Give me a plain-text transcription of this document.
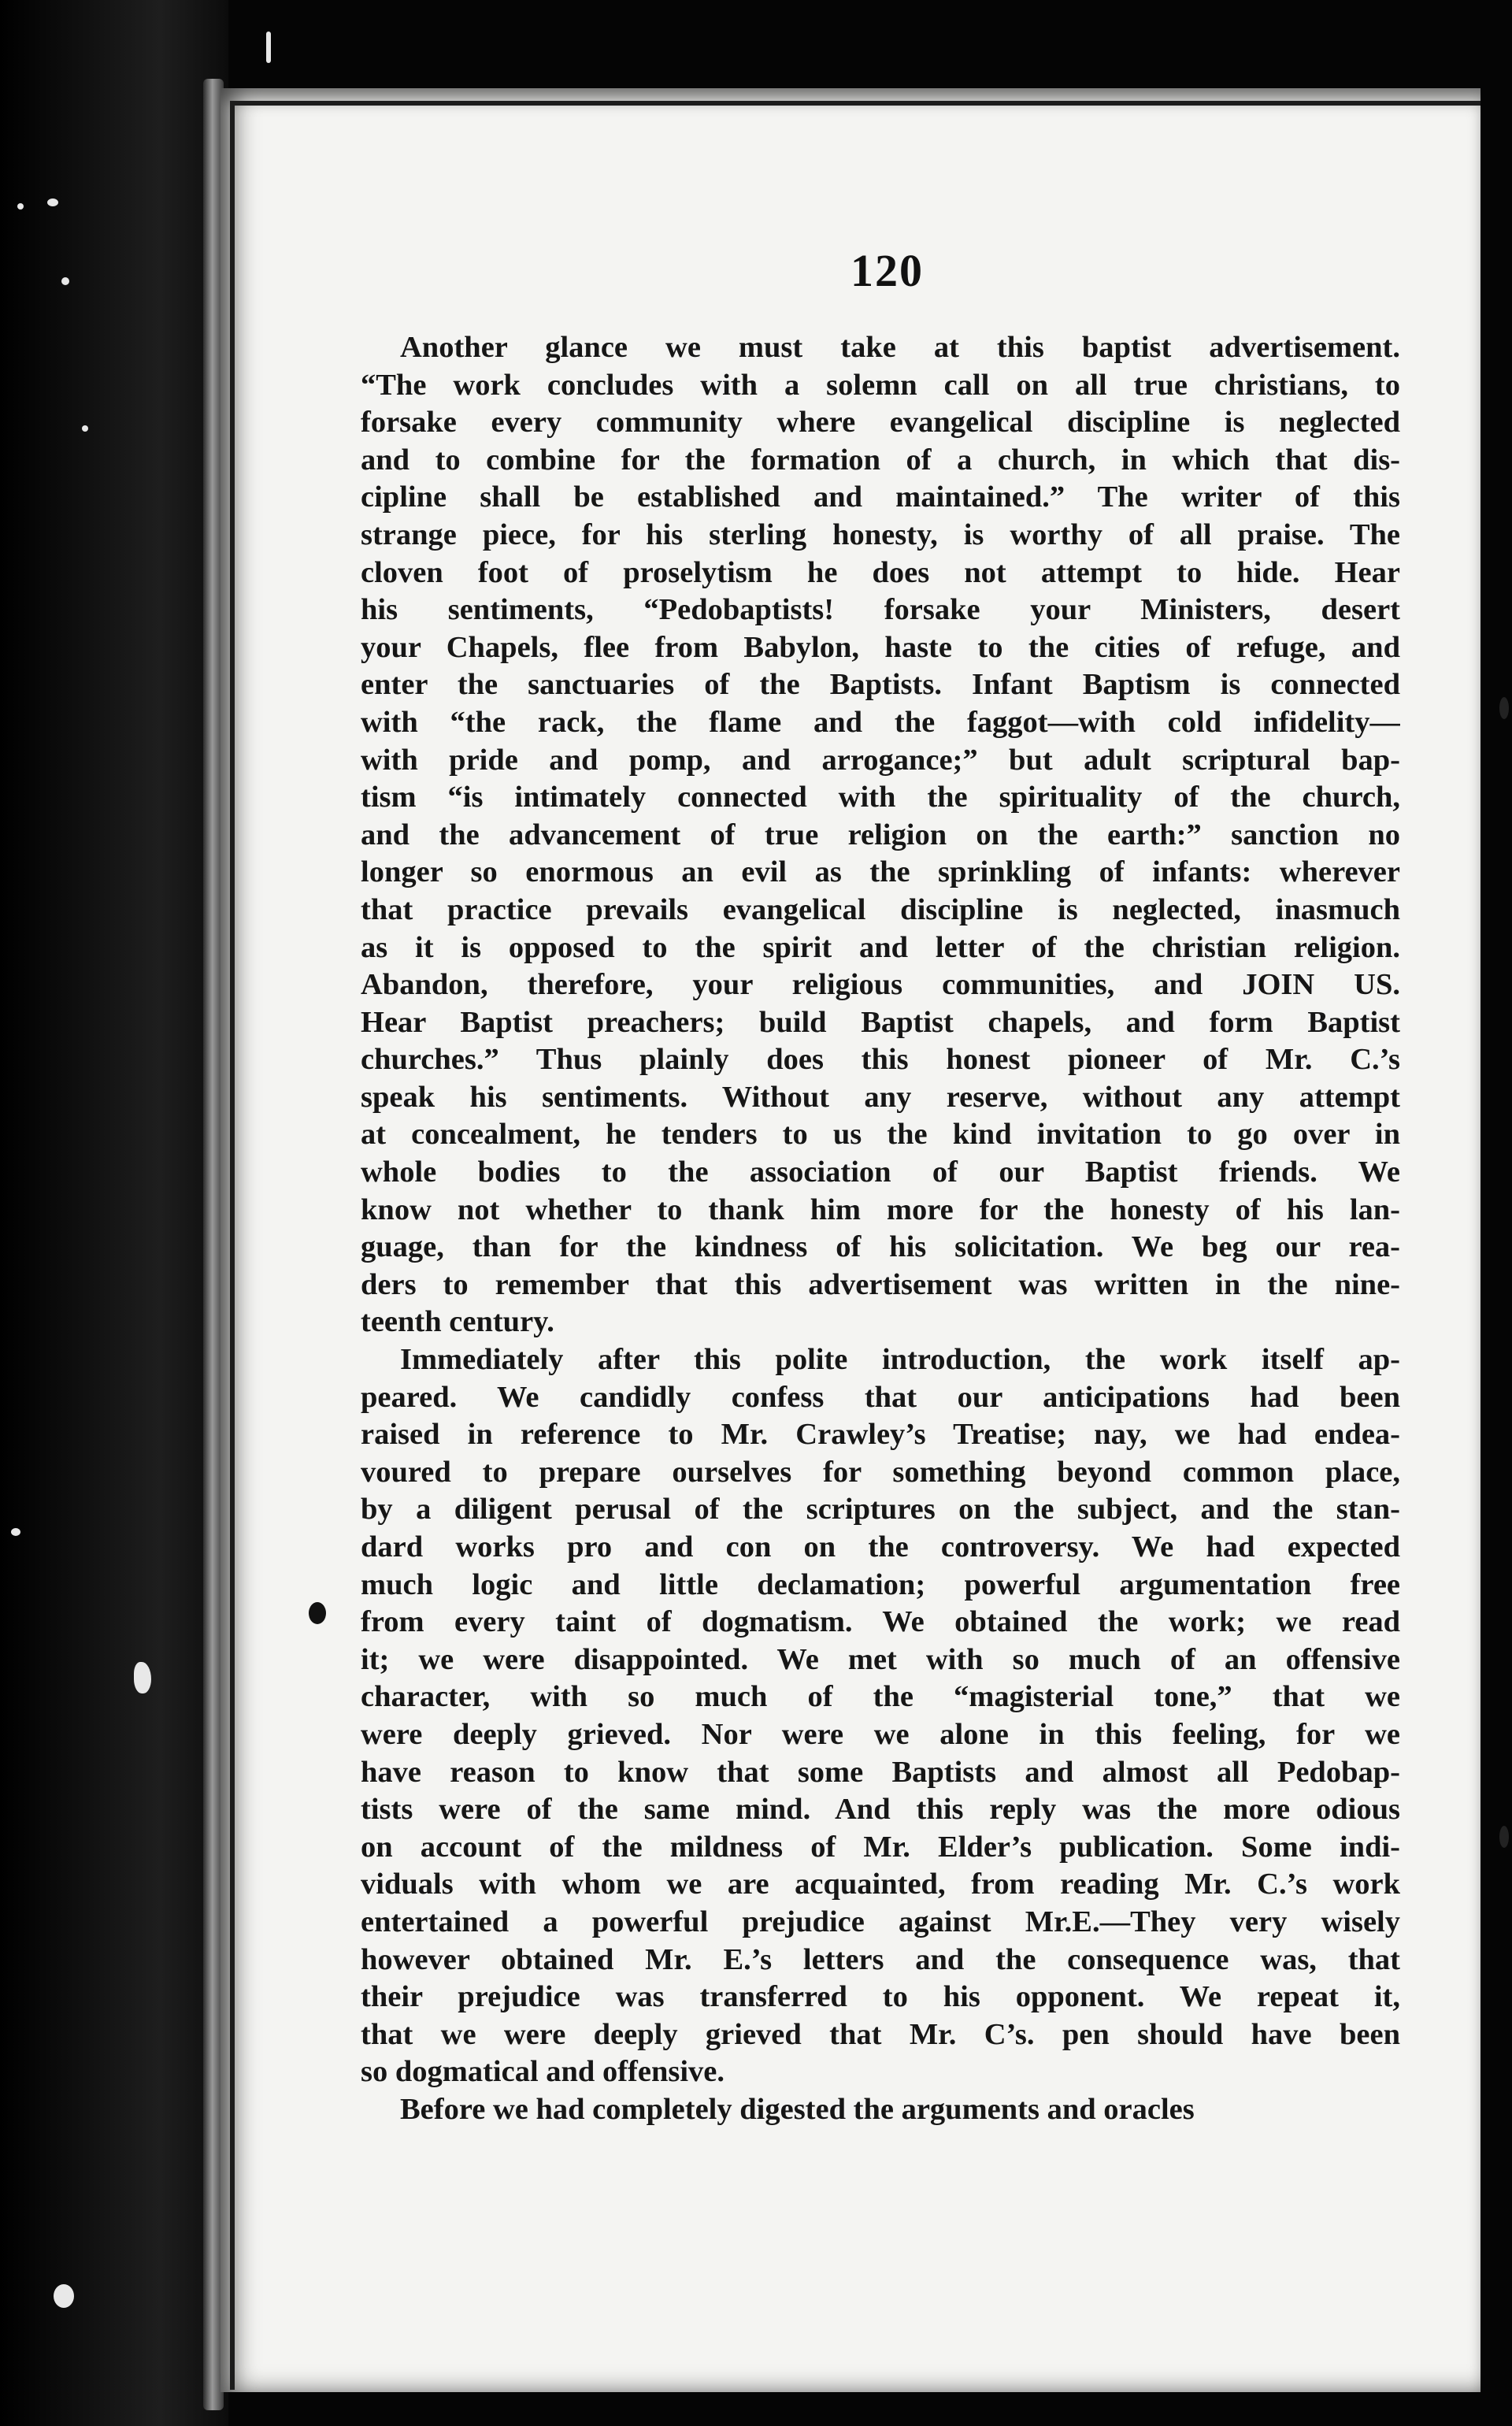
120
Another glance we must take at this baptist advertisement.
“The work concludes with a solemn call on all true christians, to
forsake every community where evangelical discipline is neglected
and to combine for the formation of a church, in which that dis-
cipline shall be established and maintained.” The writer of this
strange piece, for his sterling honesty, is worthy of all praise. The
cloven foot of proselytism he does not attempt to hide. Hear
his sentiments, “Pedobaptists! forsake your Ministers, desert
your Chapels, flee from Babylon, haste to the cities of refuge, and
enter the sanctuaries of the Baptists. Infant Baptism is connected
with “the rack, the flame and the faggot—with cold infidelity—
with pride and pomp, and arrogance;” but adult scriptural bap-
tism “is intimately connected with the spirituality of the church,
and the advancement of true religion on the earth:” sanction no
longer so enormous an evil as the sprinkling of infants: wherever
that practice prevails evangelical discipline is neglected, inasmuch
as it is opposed to the spirit and letter of the christian religion.
Abandon, therefore, your religious communities, and JOIN US.
Hear Baptist preachers; build Baptist chapels, and form Baptist
churches.” Thus plainly does this honest pioneer of Mr. C.’s
speak his sentiments. Without any reserve, without any attempt
at concealment, he tenders to us the kind invitation to go over in
whole bodies to the association of our Baptist friends. We
know not whether to thank him more for the honesty of his lan-
guage, than for the kindness of his solicitation. We beg our rea-
ders to remember that this advertisement was written in the nine-
teenth century.
Immediately after this polite introduction, the work itself ap-
peared. We candidly confess that our anticipations had been
raised in reference to Mr. Crawley’s Treatise; nay, we had endea-
voured to prepare ourselves for something beyond common place,
by a diligent perusal of the scriptures on the subject, and the stan-
dard works pro and con on the controversy. We had expected
much logic and little declamation; powerful argumentation free
from every taint of dogmatism. We obtained the work; we read
it; we were disappointed. We met with so much of an offensive
character, with so much of the “magisterial tone,” that we
were deeply grieved. Nor were we alone in this feeling, for we
have reason to know that some Baptists and almost all Pedobap-
tists were of the same mind. And this reply was the more odious
on account of the mildness of Mr. Elder’s publication. Some indi-
viduals with whom we are acquainted, from reading Mr. C.’s work
entertained a powerful prejudice against Mr.E.—They very wisely
however obtained Mr. E.’s letters and the consequence was, that
their prejudice was transferred to his opponent. We repeat it,
that we were deeply grieved that Mr. C’s. pen should have been
so dogmatical and offensive.
Before we had completely digested the arguments and oracles
